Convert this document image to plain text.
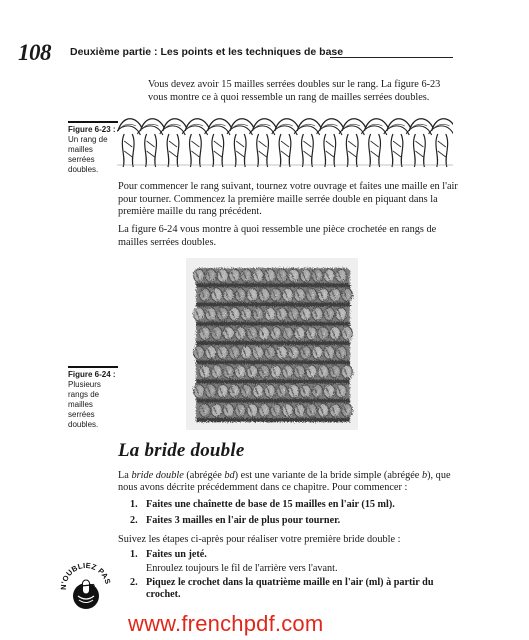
108 Deuxième partie : Les points et les techniques de base
Vous devez avoir 15 mailles serrées doubles sur le rang. La figure 6-23 vous montre ce à quoi ressemble un rang de mailles serrées doubles.
Figure 6-23 :
Un rang de mailles serrées doubles.
Pour commencer le rang suivant, tournez votre ouvrage et faites une maille en l'air pour tourner. Commencez la première maille serrée double en piquant dans la première maille du rang précédent.
La figure 6-24 vous montre à quoi ressemble une pièce crochetée en rangs de mailles serrées doubles.
Figure 6-24 :
Plusieurs rangs de mailles serrées doubles.
La bride double
La bride double (abrégée bd) est une variante de la bride simple (abrégée b), que nous avons décrite précédemment dans ce chapitre. Pour commencer :
1. Faites une chaînette de base de 15 mailles en l'air (15 ml).
2. Faites 3 mailles en l'air de plus pour tourner.
Suivez les étapes ci-après pour réaliser votre première bride double :
1. Faites un jeté.
Enroulez toujours le fil de l'arrière vers l'avant.
2. Piquez le crochet dans la quatrième maille en l'air (ml) à partir du
crochet.
N'OUBLIEZ PAS
www.frenchpdf.com
